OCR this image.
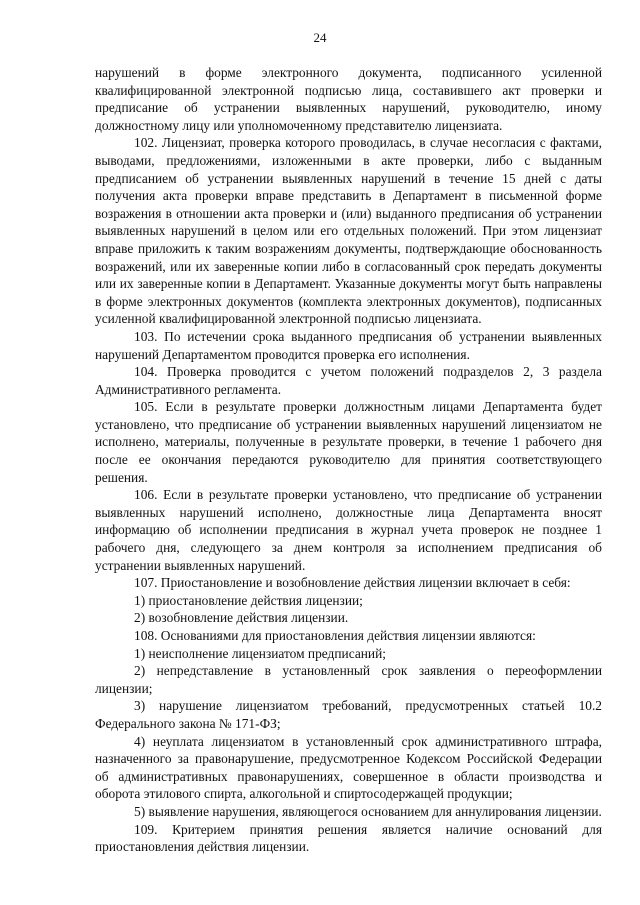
24

нарушений в форме электронного документа, подписанного усиленной квалифицированной электронной подписью лица, составившего акт проверки и предписание об устранении выявленных нарушений, руководителю, иному должностному лицу или уполномоченному представителю лицензиата.

102. Лицензиат, проверка которого проводилась, в случае несогласия с фактами, выводами, предложениями, изложенными в акте проверки, либо с выданным предписанием об устранении выявленных нарушений в течение 15 дней с даты получения акта проверки вправе представить в Департамент в письменной форме возражения в отношении акта проверки и (или) выданного предписания об устранении выявленных нарушений в целом или его отдельных положений. При этом лицензиат вправе приложить к таким возражениям документы, подтверждающие обоснованность возражений, или их заверенные копии либо в согласованный срок передать документы или их заверенные копии в Департамент. Указанные документы могут быть направлены в форме электронных документов (комплекта электронных документов), подписанных усиленной квалифицированной электронной подписью лицензиата.

103. По истечении срока выданного предписания об устранении выявленных нарушений Департаментом проводится проверка его исполнения.

104. Проверка проводится с учетом положений подразделов 2, 3 раздела Административного регламента.

105. Если в результате проверки должностным лицами Департамента будет установлено, что предписание об устранении выявленных нарушений лицензиатом не исполнено, материалы, полученные в результате проверки, в течение 1 рабочего дня после ее окончания передаются руководителю для принятия соответствующего решения.

106. Если в результате проверки установлено, что предписание об устранении выявленных нарушений исполнено, должностные лица Департамента вносят информацию об исполнении предписания в журнал учета проверок не позднее 1 рабочего дня, следующего за днем контроля за исполнением предписания об устранении выявленных нарушений.

107. Приостановление и возобновление действия лицензии включает в себя:

1) приостановление действия лицензии;

2) возобновление действия лицензии.

108. Основаниями для приостановления действия лицензии являются:

1) неисполнение лицензиатом предписаний;

2) непредставление в установленный срок заявления о переоформлении лицензии;

3) нарушение лицензиатом требований, предусмотренных статьей 10.2 Федерального закона № 171-ФЗ;

4) неуплата лицензиатом в установленный срок административного штрафа, назначенного за правонарушение, предусмотренное Кодексом Российской Федерации об административных правонарушениях, совершенное в области производства и оборота этилового спирта, алкогольной и спиртосодержащей продукции;

5) выявление нарушения, являющегося основанием для аннулирования лицензии.

109. Критерием принятия решения является наличие оснований для приостановления действия лицензии.
